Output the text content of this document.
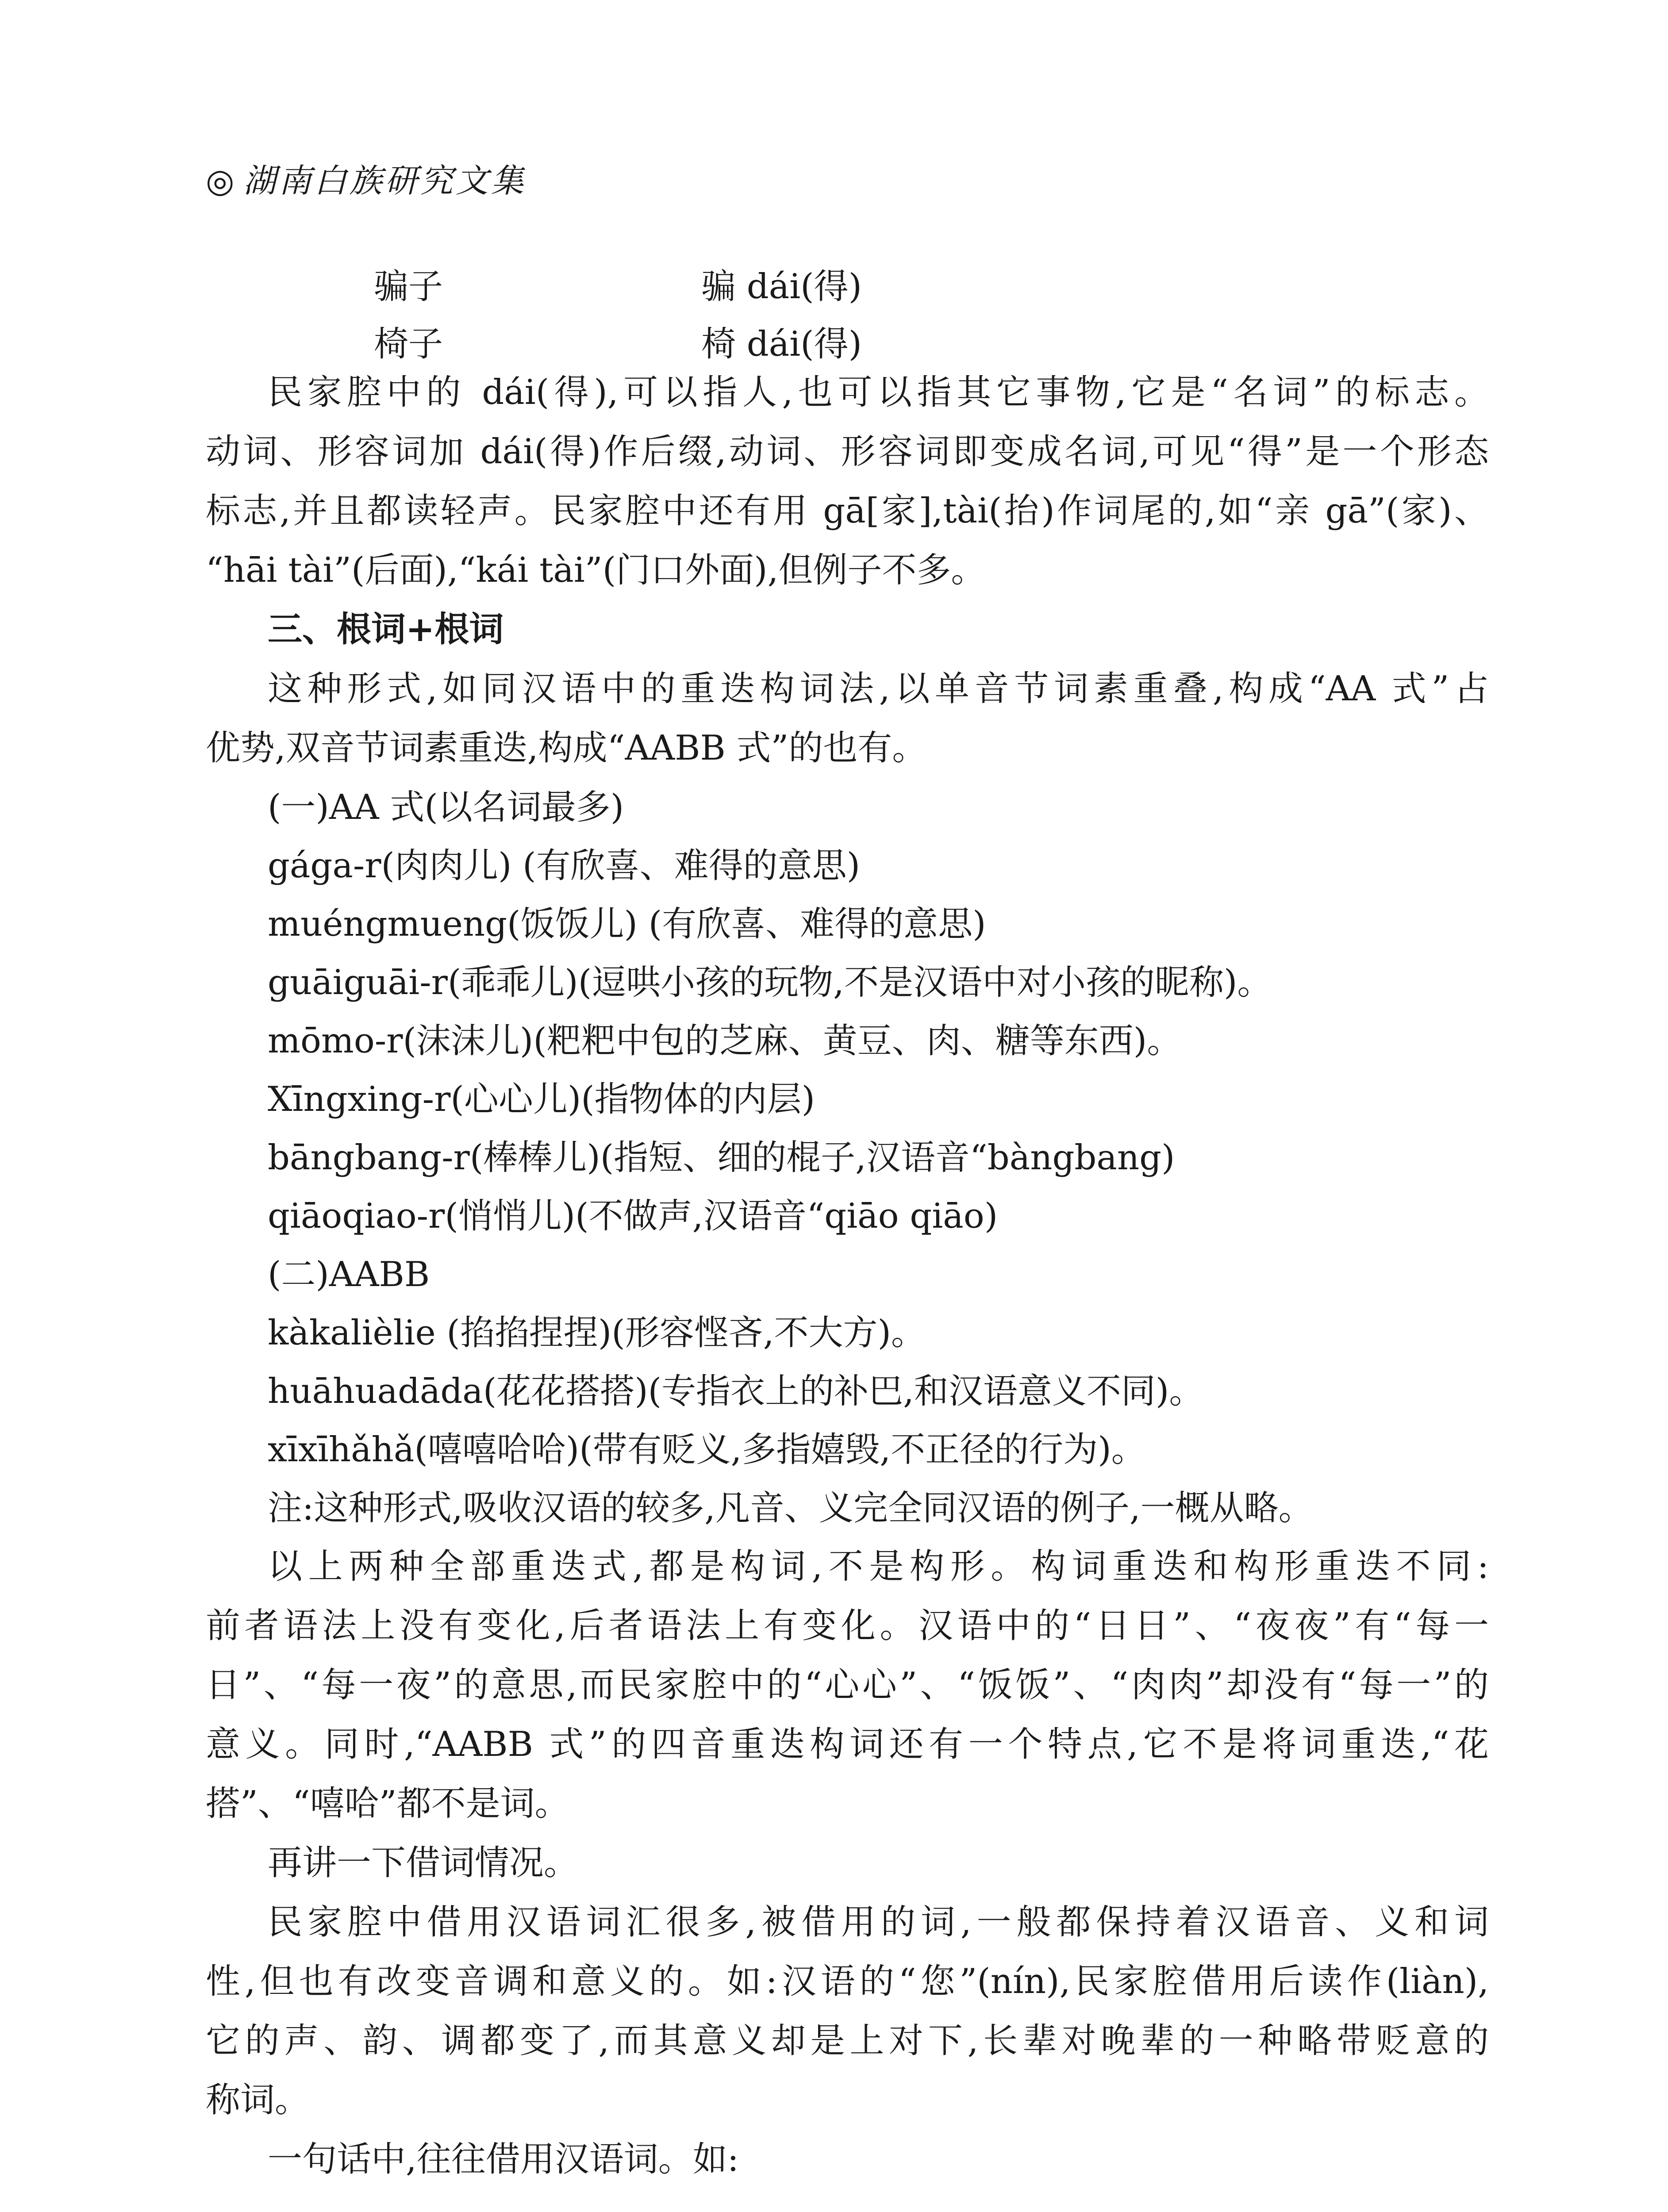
◎ 湖南白族研究文集
骗子	骗 dái(得)
椅子	椅 dái(得)
民家腔中的 dái(得),可以指人,也可以指其它事物,它是“名词”的标志。
动词、形容词加 dái(得)作后缀,动词、形容词即变成名词,可见“得”是一个形态
标志,并且都读轻声。民家腔中还有用 gā[家],tài(抬)作词尾的,如“亲 gā”(家)、
“hāi tài”(后面),“kái tài”(门口外面),但例子不多。
三、根词+根词
这种形式,如同汉语中的重迭构词法,以单音节词素重叠,构成“AA 式”占
优势,双音节词素重迭,构成“AABB 式”的也有。
(一)AA 式(以名词最多)
gága-r(肉肉儿) (有欣喜、难得的意思)
muéngmueng(饭饭儿) (有欣喜、难得的意思)
guāiguāi-r(乖乖儿)(逗哄小孩的玩物,不是汉语中对小孩的昵称)。
mōmo-r(沫沫儿)(粑粑中包的芝麻、黄豆、肉、糖等东西)。
Xīngxing-r(心心儿)(指物体的内层)
bāngbang-r(棒棒儿)(指短、细的棍子,汉语音“bàngbang)
qiāoqiao-r(悄悄儿)(不做声,汉语音“qiāo qiāo)
(二)AABB
kàkalièlie (掐掐捏捏)(形容悭吝,不大方)。
huāhuadāda(花花搭搭)(专指衣上的补巴,和汉语意义不同)。
xīxīhǎhǎ(嘻嘻哈哈)(带有贬义,多指嬉毁,不正径的行为)。
注:这种形式,吸收汉语的较多,凡音、义完全同汉语的例子,一概从略。
以上两种全部重迭式,都是构词,不是构形。构词重迭和构形重迭不同:
前者语法上没有变化,后者语法上有变化。汉语中的“日日”、“夜夜”有“每一
日”、“每一夜”的意思,而民家腔中的“心心”、“饭饭”、“肉肉”却没有“每一”的
意义。同时,“AABB 式”的四音重迭构词还有一个特点,它不是将词重迭,“花
搭”、“嘻哈”都不是词。
再讲一下借词情况。
民家腔中借用汉语词汇很多,被借用的词,一般都保持着汉语音、义和词
性,但也有改变音调和意义的。如:汉语的“您”(nín),民家腔借用后读作(liàn),
它的声、韵、调都变了,而其意义却是上对下,长辈对晚辈的一种略带贬意的
称词。
一句话中,往往借用汉语词。如:
